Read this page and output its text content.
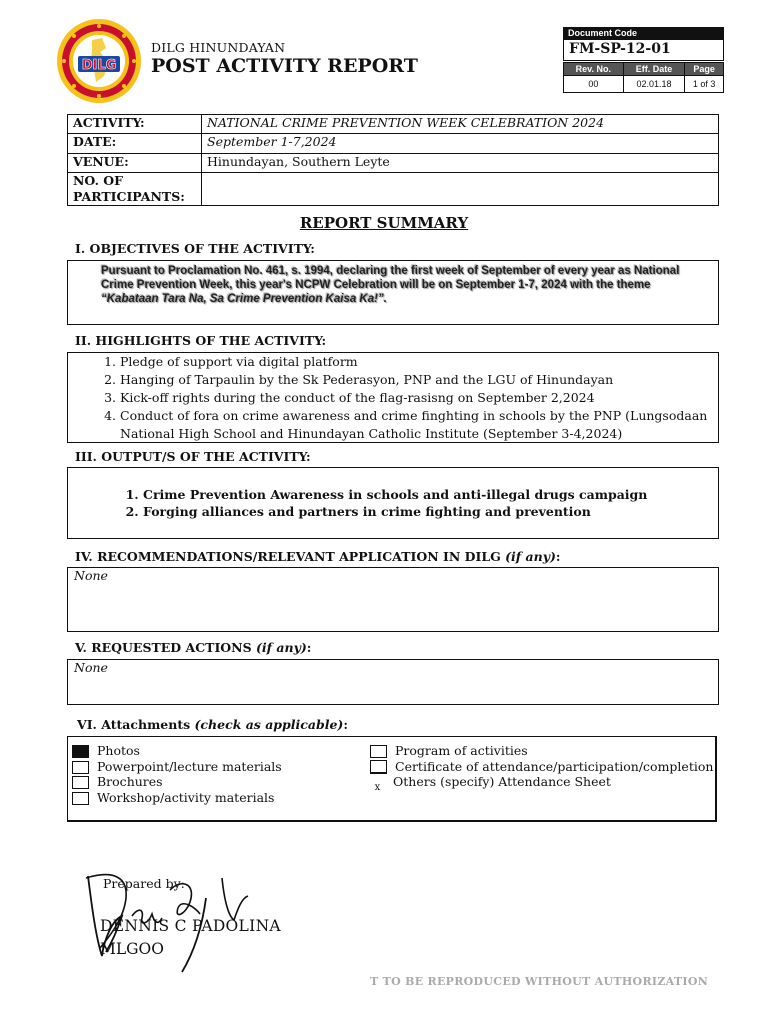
DILG
DILG HINUNDAYAN
POST ACTIVITY REPORT
Document Code
FM-SP-12-01
Rev. No.	Eff. Date	Page
00	02.01.18	1 of 3
ACTIVITY:	NATIONAL CRIME PREVENTION WEEK CELEBRATION 2024
DATE:	September 1-7,2024
VENUE:	Hinundayan, Southern Leyte
NO. OF PARTICIPANTS:	
REPORT SUMMARY
I. OBJECTIVES OF THE ACTIVITY:
Pursuant to Proclamation No. 461, s. 1994, declaring the first week of September of every year as National Crime Prevention Week, this year's NCPW Celebration will be on September 1-7, 2024 with the theme “Kabataan Tara Na, Sa Crime Prevention Kaisa Ka!”.
II. HIGHLIGHTS OF THE ACTIVITY:
1. Pledge of support via digital platform
2. Hanging of Tarpaulin by the Sk Pederasyon, PNP and the LGU of Hinundayan
3. Kick-off rights during the conduct of the flag-rasisng on September 2,2024
4. Conduct of fora on crime awareness and crime finghting in schools by the PNP (Lungsodaan National High School and Hinundayan Catholic Institute (September 3-4,2024)
III. OUTPUT/S OF THE ACTIVITY:
1. Crime Prevention Awareness in schools and anti-illegal drugs campaign
2. Forging alliances and partners in crime fighting and prevention
IV. RECOMMENDATIONS/RELEVANT APPLICATION IN DILG (if any):
None
V. REQUESTED ACTIONS (if any):
None
VI. Attachments (check as applicable):
Photos
Powerpoint/lecture materials
Brochures
Workshop/activity materials
Program of activities
Certificate of attendance/participation/completion
x	Others (specify) Attendance Sheet
Prepared by:
DENNIS C PADOLINA
MLGOO
T TO BE REPRODUCED WITHOUT AUTHORIZATION
